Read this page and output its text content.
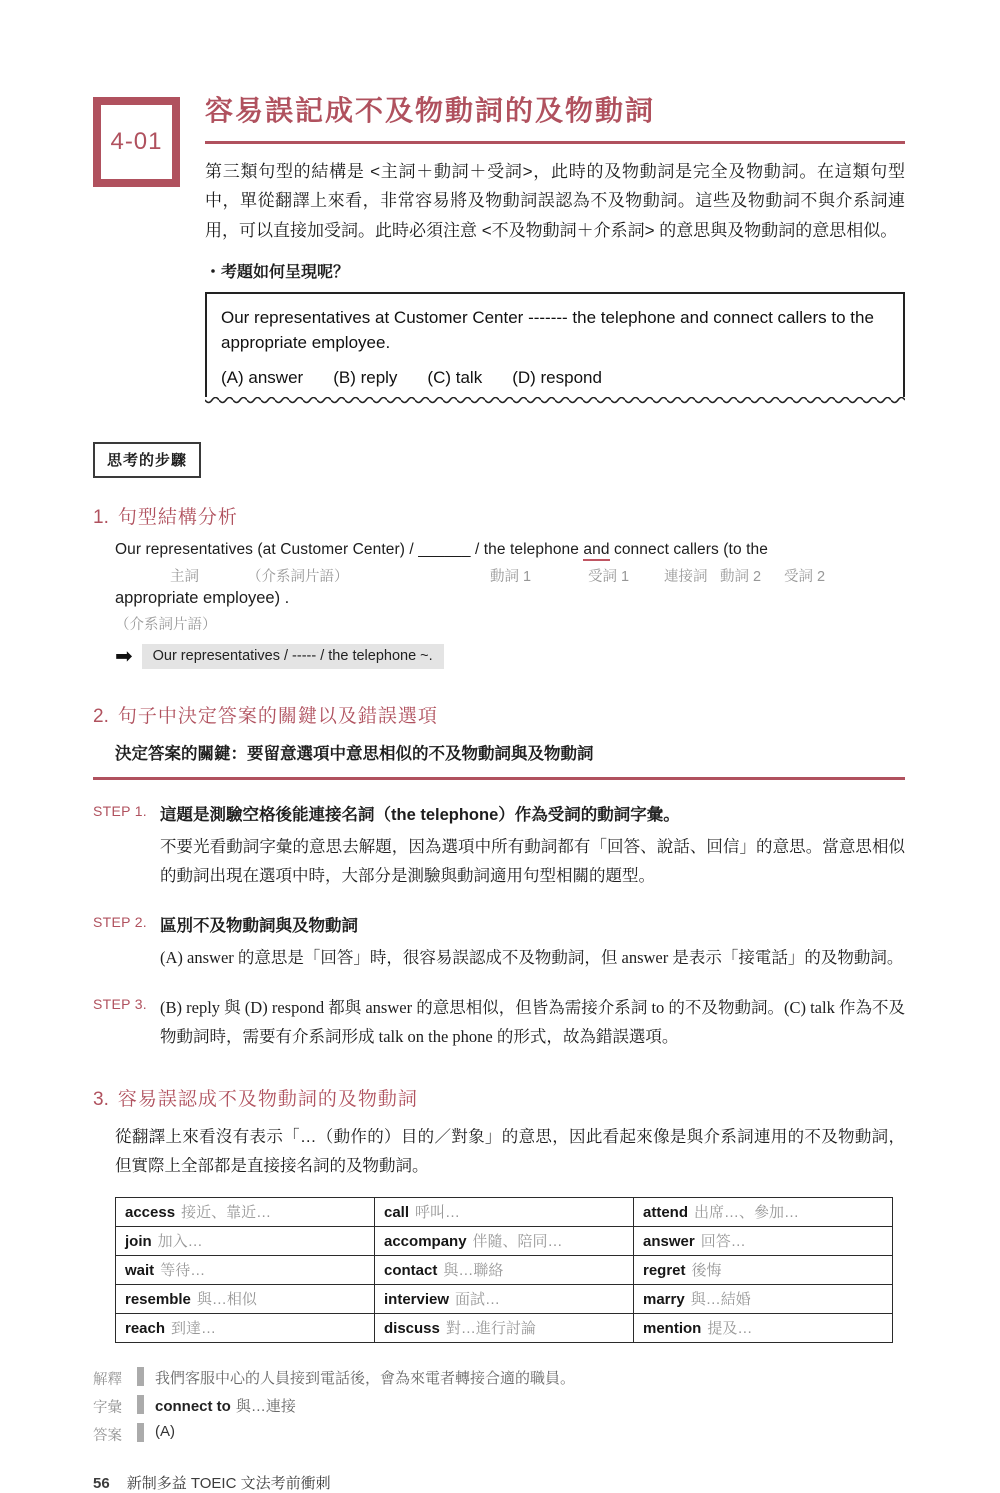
4-01
容易誤記成不及物動詞的及物動詞

第三類句型的結構是 <主詞＋動詞＋受詞>，此時的及物動詞是完全及物動詞。在這類句型中，單從翻譯上來看，非常容易將及物動詞誤認為不及物動詞。這些及物動詞不與介系詞連用，可以直接加受詞。此時必須注意 <不及物動詞＋介系詞> 的意思與及物動詞的意思相似。

・考題如何呈現呢？
Our representatives at Customer Center ------- the telephone and connect callers to the appropriate employee.
(A) answer (B) reply (C) talk (D) respond
思考的步驟
1. 句型結構分析
Our representatives (at Customer Center) / ______ / the telephone and connect callers (to the
主詞	（介系詞片語）	動詞 1	受詞 1 連接詞 動詞 2 受詞 2
appropriate employee) .
（介系詞片語）
➡	Our representatives / ----- / the telephone ~.
2. 句子中決定答案的關鍵以及錯誤選項
決定答案的關鍵：要留意選項中意思相似的不及物動詞與及物動詞
STEP 1. 這題是測驗空格後能連接名詞（the telephone）作為受詞的動詞字彙。
不要光看動詞字彙的意思去解題，因為選項中所有動詞都有「回答、說話、回信」的意思。當意思相似的動詞出現在選項中時，大部分是測驗與動詞適用句型相關的題型。
STEP 2. 區別不及物動詞與及物動詞
(A) answer 的意思是「回答」時，很容易誤認成不及物動詞，但 answer 是表示「接電話」的及物動詞。
STEP 3. (B) reply 與 (D) respond 都與 answer 的意思相似，但皆為需接介系詞 to 的不及物動詞。(C) talk 作為不及物動詞時，需要有介系詞形成 talk on the phone 的形式，故為錯誤選項。
3. 容易誤認成不及物動詞的及物動詞
從翻譯上來看沒有表示「…（動作的）目的／對象」的意思，因此看起來像是與介系詞連用的不及物動詞，但實際上全部都是直接接名詞的及物動詞。
access 接近、靠近…	call 呼叫…	attend 出席…、參加…
join 加入…	accompany 伴隨、陪同…	answer 回答…
wait 等待…	contact 與…聯絡	regret 後悔
resemble 與…相似	interview 面試…	marry 與…結婚
reach 到達…	discuss 對…進行討論	mention 提及…
解釋	我們客服中心的人員接到電話後，會為來電者轉接合適的職員。
字彙	connect to 與…連接
答案	(A)
56 新制多益 TOEIC 文法考前衝刺
